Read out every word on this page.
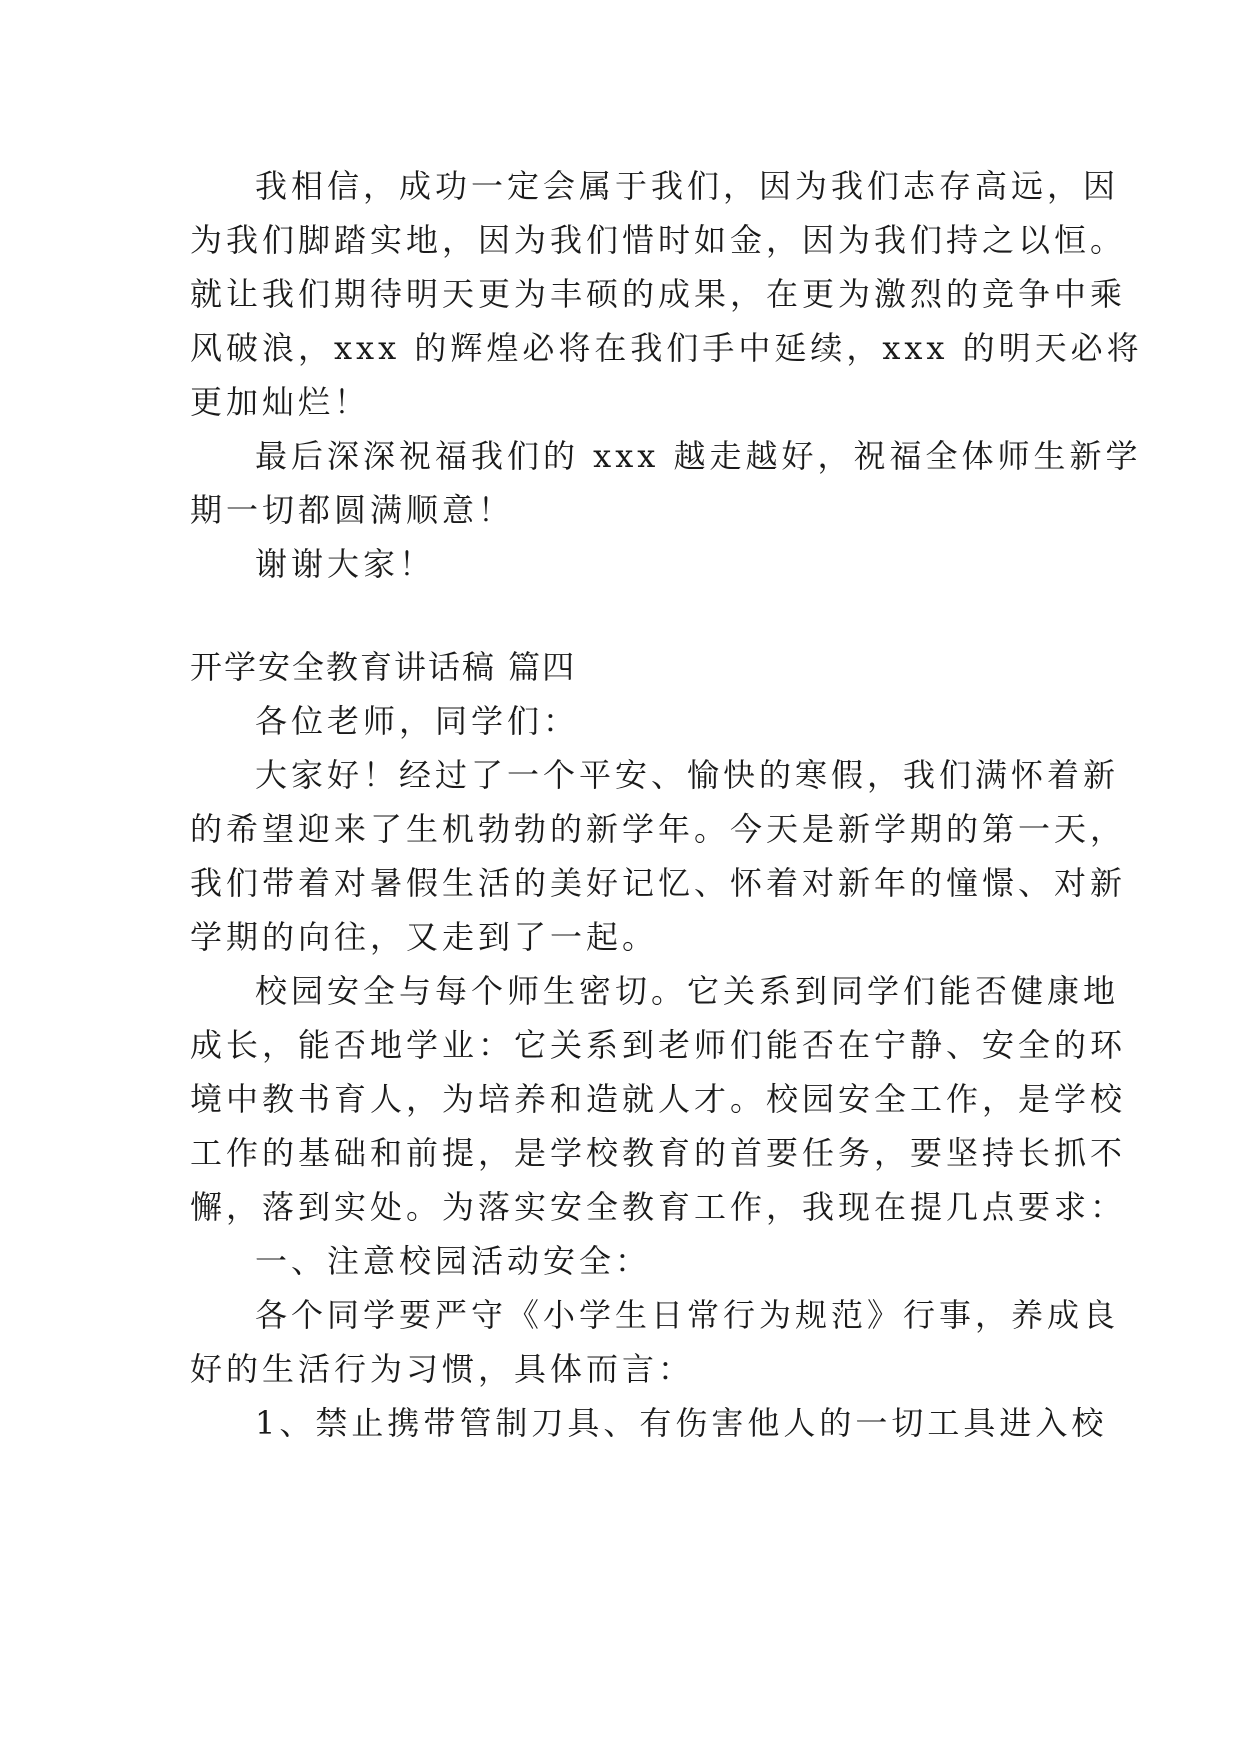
我相信，成功一定会属于我们，因为我们志存高远，因
为我们脚踏实地，因为我们惜时如金，因为我们持之以恒。
就让我们期待明天更为丰硕的成果，在更为激烈的竞争中乘
风破浪，xxx 的辉煌必将在我们手中延续，xxx 的明天必将
更加灿烂！
最后深深祝福我们的 xxx 越走越好，祝福全体师生新学
期一切都圆满顺意！
谢谢大家！
开学安全教育讲话稿 篇四
各位老师，同学们：
大家好！经过了一个平安、愉快的寒假，我们满怀着新
的希望迎来了生机勃勃的新学年。今天是新学期的第一天，
我们带着对暑假生活的美好记忆、怀着对新年的憧憬、对新
学期的向往，又走到了一起。
校园安全与每个师生密切。它关系到同学们能否健康地
成长，能否地学业：它关系到老师们能否在宁静、安全的环
境中教书育人，为培养和造就人才。校园安全工作，是学校
工作的基础和前提，是学校教育的首要任务，要坚持长抓不
懈，落到实处。为落实安全教育工作，我现在提几点要求：
一、注意校园活动安全：
各个同学要严守《小学生日常行为规范》行事，养成良
好的生活行为习惯，具体而言：
1、禁止携带管制刀具、有伤害他人的一切工具进入校
